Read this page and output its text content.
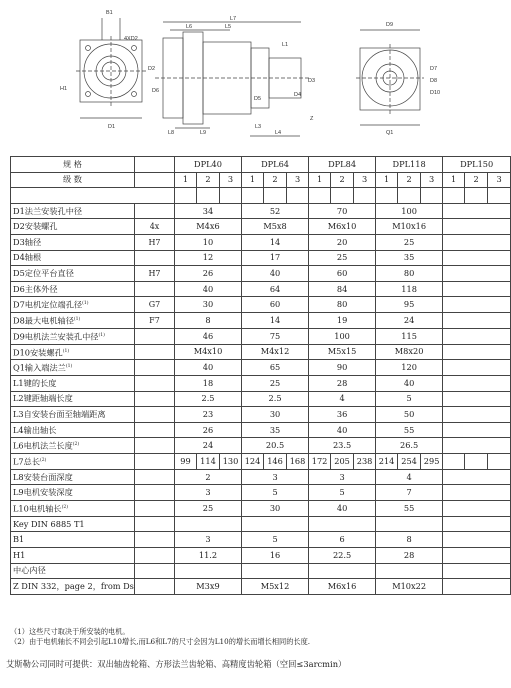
L7
L6	L5
L1
L4
L3
L8	L9
D9
D1
D2
D3
D4
D5
D6
D7
D8
D10
Q1
H1
B1
4XD2
Z
规 格		DPL40			DPL64			DPL84			DPL118			DPL150		
级 数		1	2	3	1	2	3	1	2	3	1	2	3	1	2	3

D1法兰安装孔中径		34			52			70			100					
D2安装螺孔	4x	M4x6			M5x8			M6x10			M10x16					
D3轴径	H7	10			14			20			25					
D4轴根		12			17			25			35					
D5定位平台直径	H7	26			40			60			80					
D6主体外径		40			64			84			118					
D7电机定位端孔径$^{(1)}$	G7	30			60			80			95					
D8最大电机轴径$^{(1)}$	F7	8			14			19			24					
D9电机法兰安装孔中径$^{(1)}$		46			75			100			115					
D10安装螺孔$^{(1)}$		M4x10			M4x12			M5x15			M8x20					
Q1输入端法兰$^{(1)}$		40			65			90			120					
L1键的长度		18			25			28			40					
L2键距轴端长度		2.5			2.5			4			5					
L3自安装台面至轴端距离		23			30			36			50					
L4输出轴长		26			35			40			55					
L6电机法兰长度$^{(2)}$		24			20.5			23.5			26.5					
L7总长$^{(2)}$		99	114	130	124	146	168	172	205	238	214	254	295			
L8安装台面深度		2			3			3			4					
L9电机安装深度		3			5			5			7					
L10电机轴长$^{(2)}$		25			30			40			55					
Key DIN 6885 T1																
B1		3			5			6			8					
H1		11.2			16			22.5			28					
中心内径																
Z DIN 332，page 2，from Ds		M3x9			M5x12			M6x16			M10x22					
（1）这些尺寸取决于所安装的电机。
（2）由于电机轴长不同会引起L10增长,而L6和L7的尺寸会因为L10的增长而增长相同的长度.
艾斯勒公司同时可提供：双出轴齿轮箱、方形法兰齿轮箱、高精度齿轮箱（空回≤3arcmin）
